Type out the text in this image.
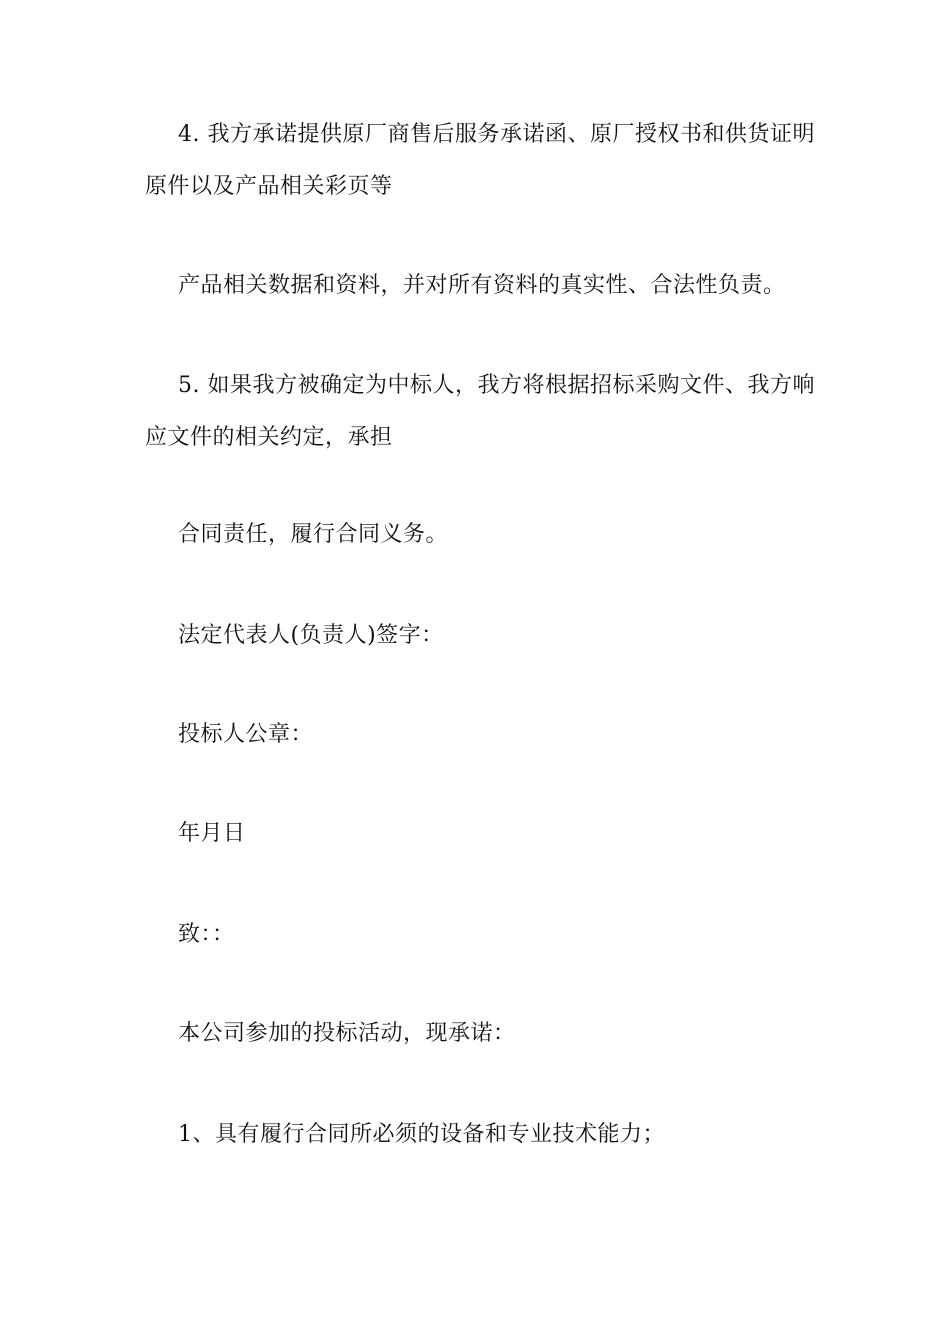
4. 我方承诺提供原厂商售后服务承诺函、原厂授权书和供货证明

原件以及产品相关彩页等

产品相关数据和资料，并对所有资料的真实性、合法性负责。

5. 如果我方被确定为中标人，我方将根据招标采购文件、我方响

应文件的相关约定，承担

合同责任，履行合同义务。

法定代表人(负责人)签字：

投标人公章：

年月日

致：：

本公司参加的投标活动，现承诺：

1、具有履行合同所必须的设备和专业技术能力；
